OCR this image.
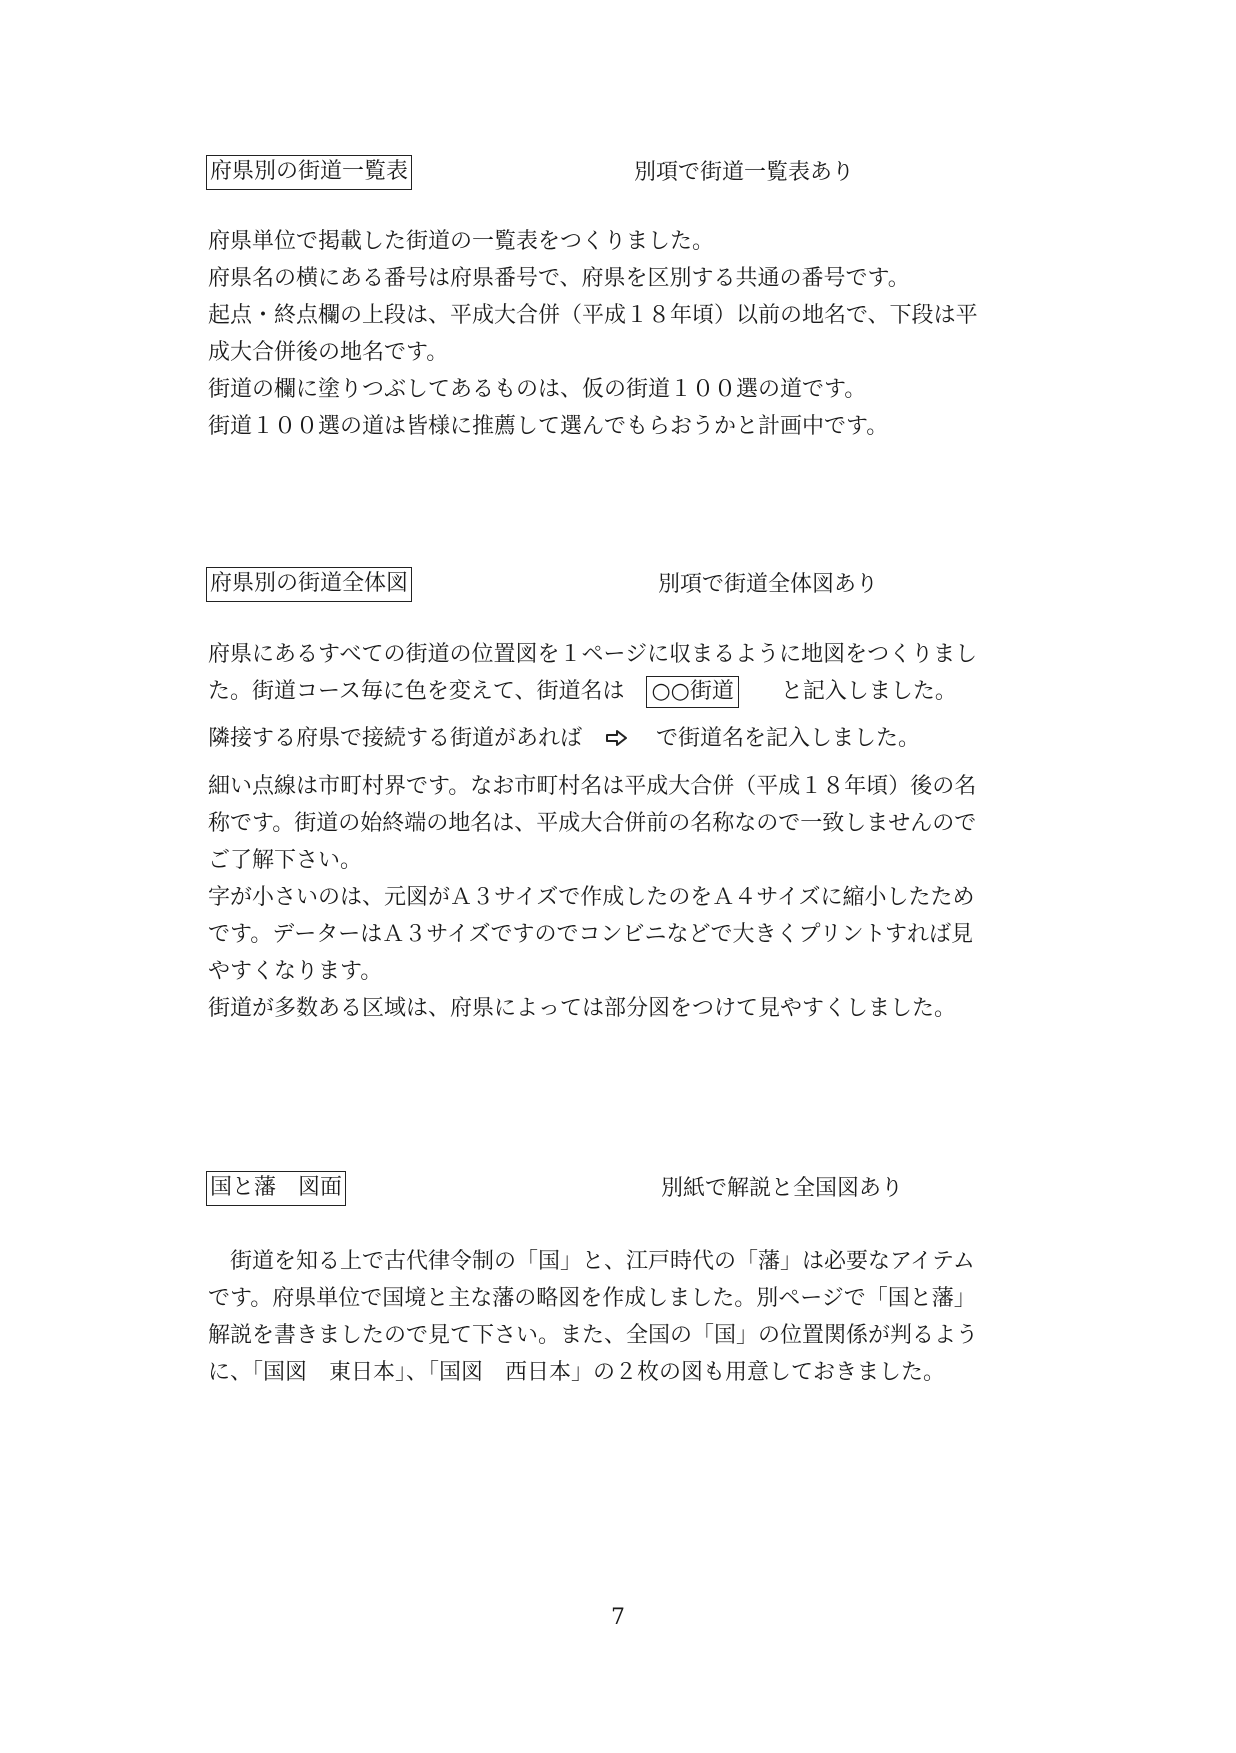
府県別の街道一覧表	別項で街道一覧表あり

府県単位で掲載した街道の一覧表をつくりました。

府県名の横にある番号は府県番号で、府県を区別する共通の番号です。

起点・終点欄の上段は、平成大合併（平成１８年頃）以前の地名で、下段は平

成大合併後の地名です。

街道の欄に塗りつぶしてあるものは、仮の街道１００選の道です。

街道１００選の道は皆様に推薦して選んでもらおうかと計画中です。

府県別の街道全体図	別項で街道全体図あり

府県にあるすべての街道の位置図を１ページに収まるように地図をつくりまし

た。街道コース毎に色を変えて、街道名は ○○街道 と記入しました。

隣接する府県で接続する街道があれば	で街道名を記入しました。

細い点線は市町村界です。なお市町村名は平成大合併（平成１８年頃）後の名

称です。街道の始終端の地名は、平成大合併前の名称なので一致しませんので

ご了解下さい。

字が小さいのは、元図がＡ３サイズで作成したのをＡ４サイズに縮小したため

です。データーはＡ３サイズですのでコンビニなどで大きくプリントすれば見

やすくなります。

街道が多数ある区域は、府県によっては部分図をつけて見やすくしました。

国と藩　図面	別紙で解説と全国図あり

　街道を知る上で古代律令制の「国」と、江戸時代の「藩」は必要なアイテム

です。府県単位で国境と主な藩の略図を作成しました。別ページで「国と藩」

解説を書きましたので見て下さい。また、全国の「国」の位置関係が判るよう

に、「国図　東日本」、「国図　西日本」の２枚の図も用意しておきました。

7
